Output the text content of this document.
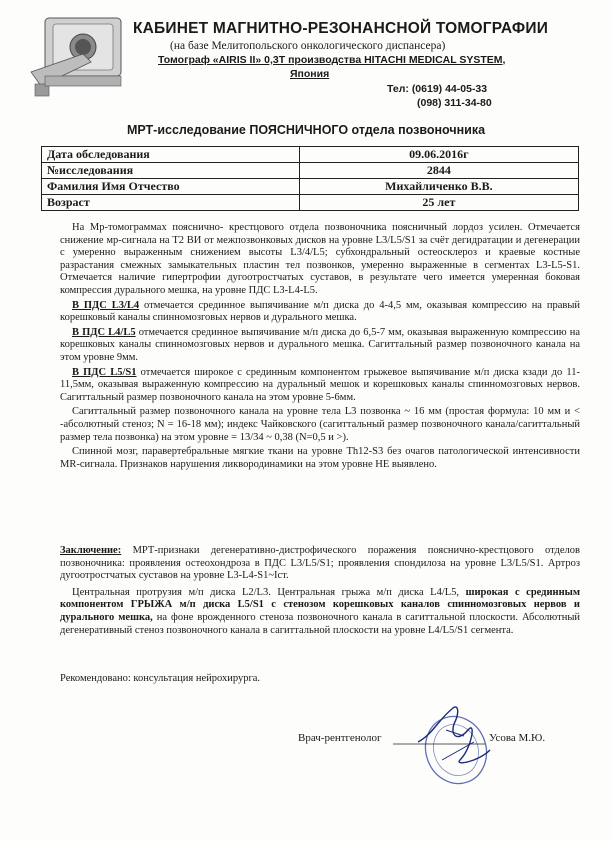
КАБИНЕТ МАГНИТНО-РЕЗОНАНСНОЙ ТОМОГРАФИИ
(на базе Мелитопольского онкологического диспансера)
Томограф «AIRIS II» 0,3Т производства HITACHI MEDICAL SYSTEM,
Япония
Тел: (0619) 44-05-33
(098) 311-34-80
МРТ-исследование ПОЯСНИЧНОГО отдела позвоночника
Дата обследования	09.06.2016г
№исследования	2844
Фамилия Имя Отчество	Михайличенко В.В.
Возраст	25 лет

На Мр-томограммах пояснично- крестцового отдела позвоночника поясничный лордоз усилен. Отмечается снижение мр-сигнала на Т2 ВИ от межпозвонковых дисков на уровне L3/L5/S1 за счёт дегидратации и дегенерации с умеренно выраженным снижением высоты L3/4/L5; субхондральный остеосклероз и краевые костные разрастания смежных замыкательных пластин тел позвонков, умеренно выраженные в сегментах L3-L5-S1. Отмечается наличие гипертрофии дугоотростчатых суставов, в результате чего имеется умеренная боковая компрессия дурального мешка, на уровне ПДС L3-L4-L5.

В ПДС L3/L4 отмечается срединное выпячивание м/п диска до 4-4,5 мм, оказывая компрессию на правый корешковый каналы спинномозговых нервов и дурального мешка.

В ПДС L4/L5 отмечается срединное выпячивание м/п диска до 6,5-7 мм, оказывая выраженную компрессию на корешковых каналы спинномозговых нервов и дурального мешка. Сагиттальный размер позвоночного канала на этом уровне 9мм.

В ПДС L5/S1 отмечается широкое с срединным компонентом грыжевое выпячивание м/п диска кзади до 11-11,5мм, оказывая выраженную компрессию на дуральный мешок и корешковых каналы спинномозговых нервов. Сагиттальный размер позвоночного канала на этом уровне 5-6мм.

Сагиттальный размер позвоночного канала на уровне тела L3 позвонка ~ 16 мм (простая формула: 10 мм и < -абсолютный стеноз; N = 16-18 мм); индекс Чайковского (сагиттальный размер позвоночного канала/сагиттальный размер тела позвонка) на этом уровне = 13/34 ~ 0,38 (N=0,5 и >).

Спинной мозг, паравертебральные мягкие ткани на уровне Th12-S3 без очагов патологической интенсивности MR-сигнала. Признаков нарушения ликвородинамики на этом уровне НЕ выявлено.

Заключение: МРТ-признаки дегенеративно-дистрофического поражения пояснично-крестцового отделов позвоночника: проявления остеохондроза в ПДС L3/L5/S1; проявления спондилоза на уровне L3/L5/S1. Артроз дугоотростчатых суставов на уровне L3-L4-S1~Iст.

Центральная протрузия м/п диска L2/L3. Центральная грыжа м/п диска L4/L5, широкая с срединным компонентом ГРЫЖА м/п диска L5/S1 с стенозом корешковых каналов спинномозговых нервов и дурального мешка, на фоне врожденного стеноза позвоночного канала в сагиттальной плоскости. Абсолютный дегенеративный стеноз позвоночного канала в сагиттальной плоскости на уровне L4/L5/S1 сегмента.

Рекомендовано: консультация нейрохирурга.
Врач-рентгенолог	Усова М.Ю.
